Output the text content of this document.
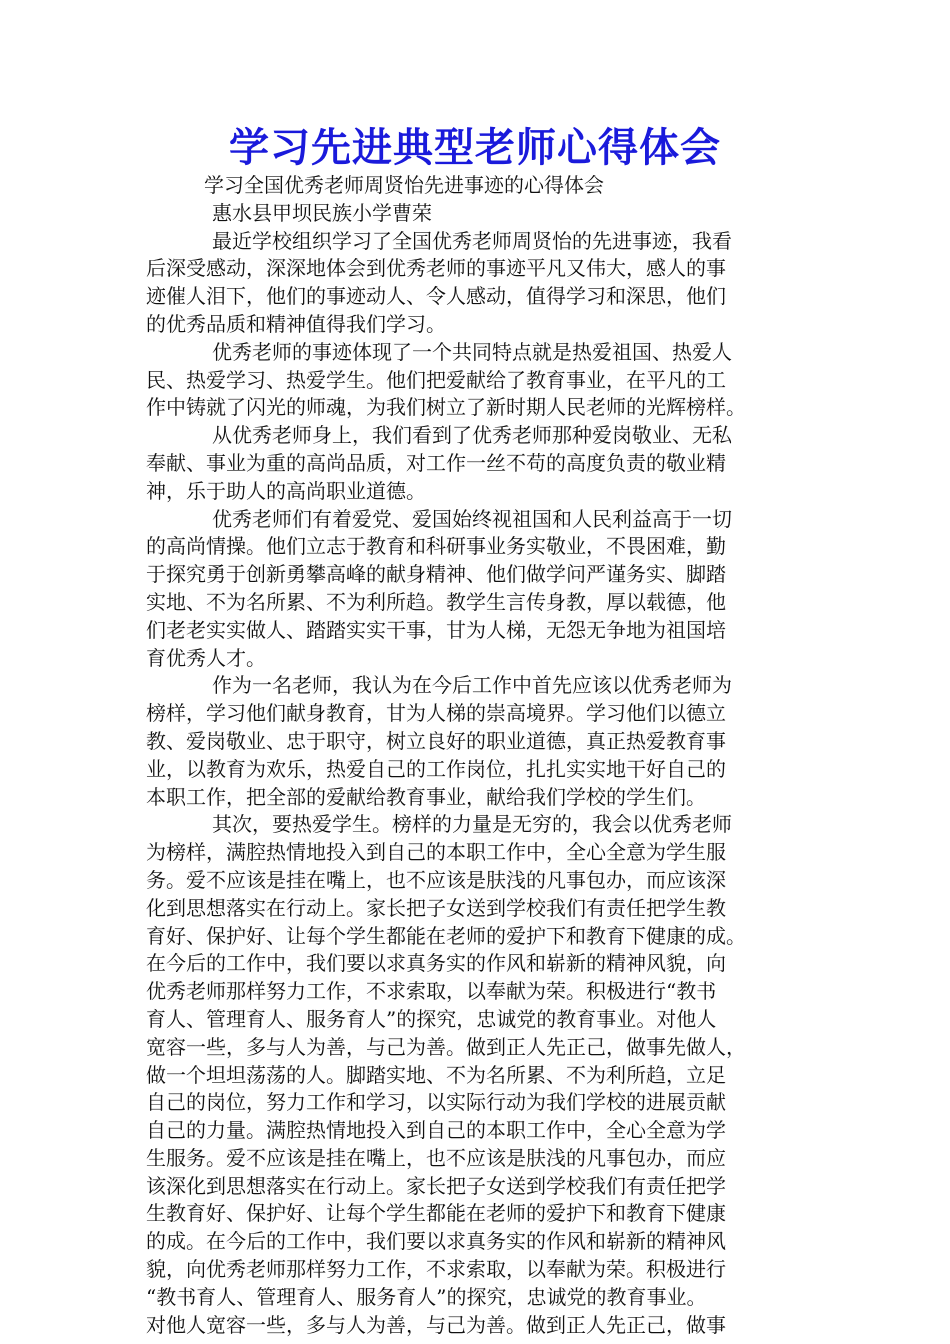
学习先进典型老师心得体会
学习全国优秀老师周贤怡先进事迹的心得体会
惠水县甲坝民族小学曹荣
最近学校组织学习了全国优秀老师周贤怡的先进事迹，我看
后深受感动，深深地体会到优秀老师的事迹平凡又伟大，感人的事
迹催人泪下，他们的事迹动人、令人感动，值得学习和深思，他们
的优秀品质和精神值得我们学习。
优秀老师的事迹体现了一个共同特点就是热爱祖国、热爱人
民、热爱学习、热爱学生。他们把爱献给了教育事业，在平凡的工
作中铸就了闪光的师魂，为我们树立了新时期人民老师的光辉榜样。
从优秀老师身上，我们看到了优秀老师那种爱岗敬业、无私
奉献、事业为重的高尚品质，对工作一丝不苟的高度负责的敬业精
神，乐于助人的高尚职业道德。
优秀老师们有着爱党、爱国始终视祖国和人民利益高于一切
的高尚情操。他们立志于教育和科研事业务实敬业，不畏困难，勤
于探究勇于创新勇攀高峰的献身精神、他们做学问严谨务实、脚踏
实地、不为名所累、不为利所趋。教学生言传身教，厚以载德，他
们老老实实做人、踏踏实实干事，甘为人梯，无怨无争地为祖国培
育优秀人才。
作为一名老师，我认为在今后工作中首先应该以优秀老师为
榜样，学习他们献身教育，甘为人梯的崇高境界。学习他们以德立
教、爱岗敬业、忠于职守，树立良好的职业道德，真正热爱教育事
业，以教育为欢乐，热爱自己的工作岗位，扎扎实实地干好自己的
本职工作，把全部的爱献给教育事业，献给我们学校的学生们。
其次，要热爱学生。榜样的力量是无穷的，我会以优秀老师
为榜样，满腔热情地投入到自己的本职工作中，全心全意为学生服
务。爱不应该是挂在嘴上，也不应该是肤浅的凡事包办，而应该深
化到思想落实在行动上。家长把子女送到学校我们有责任把学生教
育好、保护好、让每个学生都能在老师的爱护下和教育下健康的成。
在今后的工作中，我们要以求真务实的作风和崭新的精神风貌，向
优秀老师那样努力工作，不求索取，以奉献为荣。积极进行“教书
育人、管理育人、服务育人”的探究，忠诚党的教育事业。对他人
宽容一些，多与人为善，与己为善。做到正人先正己，做事先做人，
做一个坦坦荡荡的人。脚踏实地、不为名所累、不为利所趋，立足
自己的岗位，努力工作和学习，以实际行动为我们学校的进展贡献
自己的力量。满腔热情地投入到自己的本职工作中，全心全意为学
生服务。爱不应该是挂在嘴上，也不应该是肤浅的凡事包办，而应
该深化到思想落实在行动上。家长把子女送到学校我们有责任把学
生教育好、保护好、让每个学生都能在老师的爱护下和教育下健康
的成。在今后的工作中，我们要以求真务实的作风和崭新的精神风
貌，向优秀老师那样努力工作，不求索取，以奉献为荣。积极进行
“教书育人、管理育人、服务育人”的探究，忠诚党的教育事业。
对他人宽容一些，多与人为善，与己为善。做到正人先正己，做事
